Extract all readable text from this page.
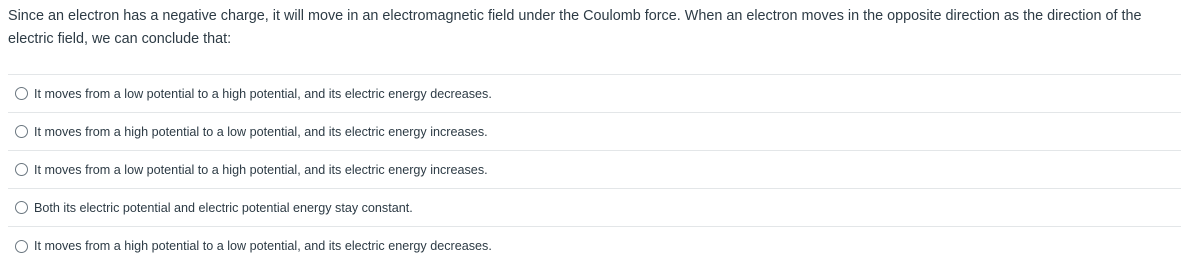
Since an electron has a negative charge, it will move in an electromagnetic field under the Coulomb force. When an electron moves in the opposite direction as the direction of the electric field, we can conclude that:
It moves from a low potential to a high potential, and its electric energy decreases.
It moves from a high potential to a low potential, and its electric energy increases.
It moves from a low potential to a high potential, and its electric energy increases.
Both its electric potential and electric potential energy stay constant.
It moves from a high potential to a low potential, and its electric energy decreases.
